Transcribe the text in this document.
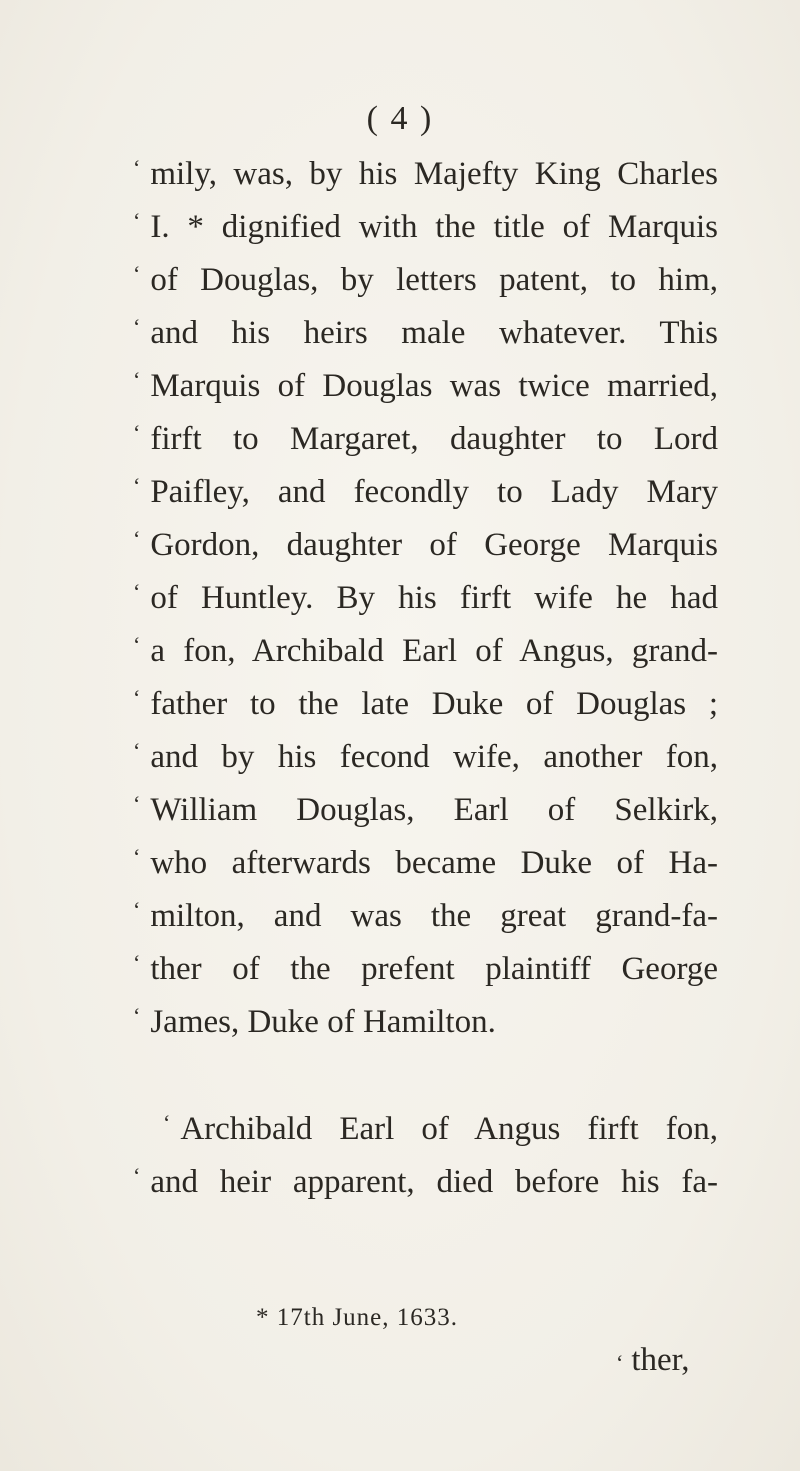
( 4 )
‘ mily, was, by his Majefty King Charles
‘ I. * dignified with the title of Marquis
‘ of Douglas, by letters patent, to him,
‘ and his heirs male whatever. This
‘ Marquis of Douglas was twice married,
‘ firft to Margaret, daughter to Lord
‘ Paifley, and fecondly to Lady Mary
‘ Gordon, daughter of George Marquis
‘ of Huntley. By his firft wife he had
‘ a fon, Archibald Earl of Angus, grand-
‘ father to the late Duke of Douglas ;
‘ and by his fecond wife, another fon,
‘ William Douglas, Earl of Selkirk,
‘ who afterwards became Duke of Ha-
‘ milton, and was the great grand-fa-
‘ ther of the prefent plaintiff George
‘ James, Duke of Hamilton.
‘ Archibald Earl of Angus firft fon,
‘ and heir apparent, died before his fa-
* 17th June, 1633.
‘ ther,
